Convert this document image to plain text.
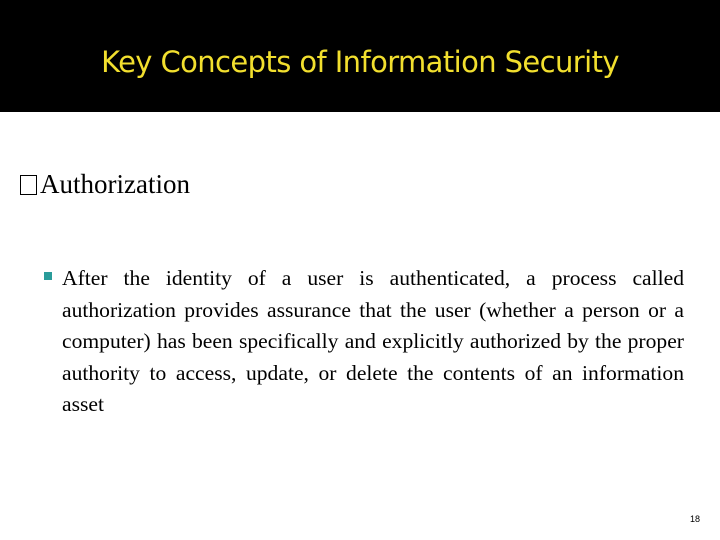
Key Concepts of Information Security
Authorization

After the identity of a user is authenticated, a process called authorization provides assurance that the user (whether a person or a computer) has been specifically and explicitly authorized by the proper authority to access, update, or delete the contents of an information asset

18
